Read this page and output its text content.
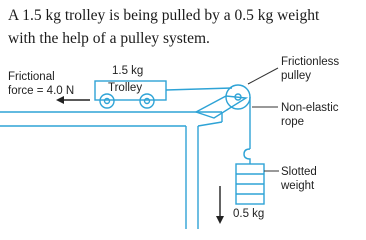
A 1.5 kg trolley is being pulled by a 0.5 kg weight
with the help of a pulley system.
1.5 kg
Trolley
Frictional
force = 4.0 N
Frictionless
pulley
Non-elastic
rope
Slotted
weight
0.5 kg
